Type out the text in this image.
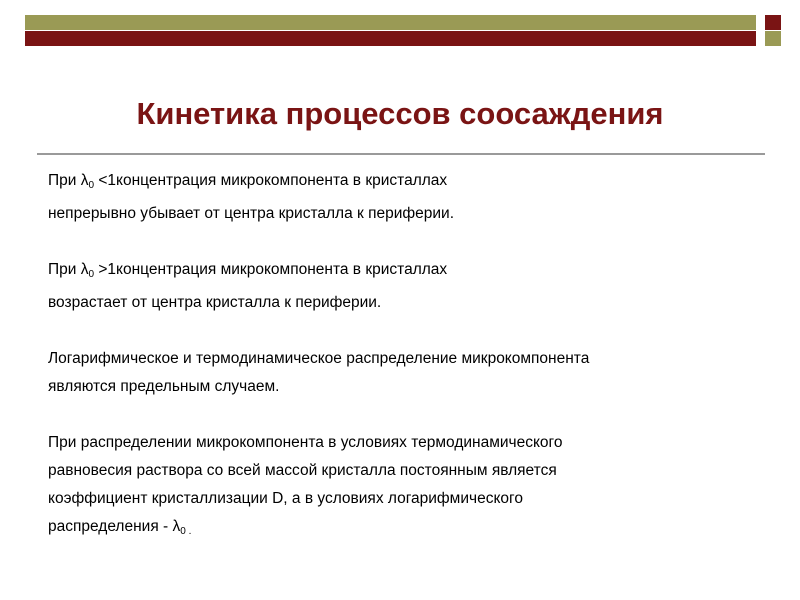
Кинетика процессов соосаждения

При $\lambda_0$ <1концентрация микрокомпонента в кристаллах

непрерывно убывает от центра кристалла к периферии.

При $\lambda_0$ >1концентрация микрокомпонента в кристаллах

возрастает от центра кристалла к периферии.

Логарифмическое и термодинамическое распределение микрокомпонента

являются предельным случаем.

При распределении микрокомпонента в условиях термодинамического

равновесия раствора со всей массой кристалла постоянным является

коэффициент кристаллизации D, а в условиях логарифмического

распределения - $\lambda_{0 .}$
